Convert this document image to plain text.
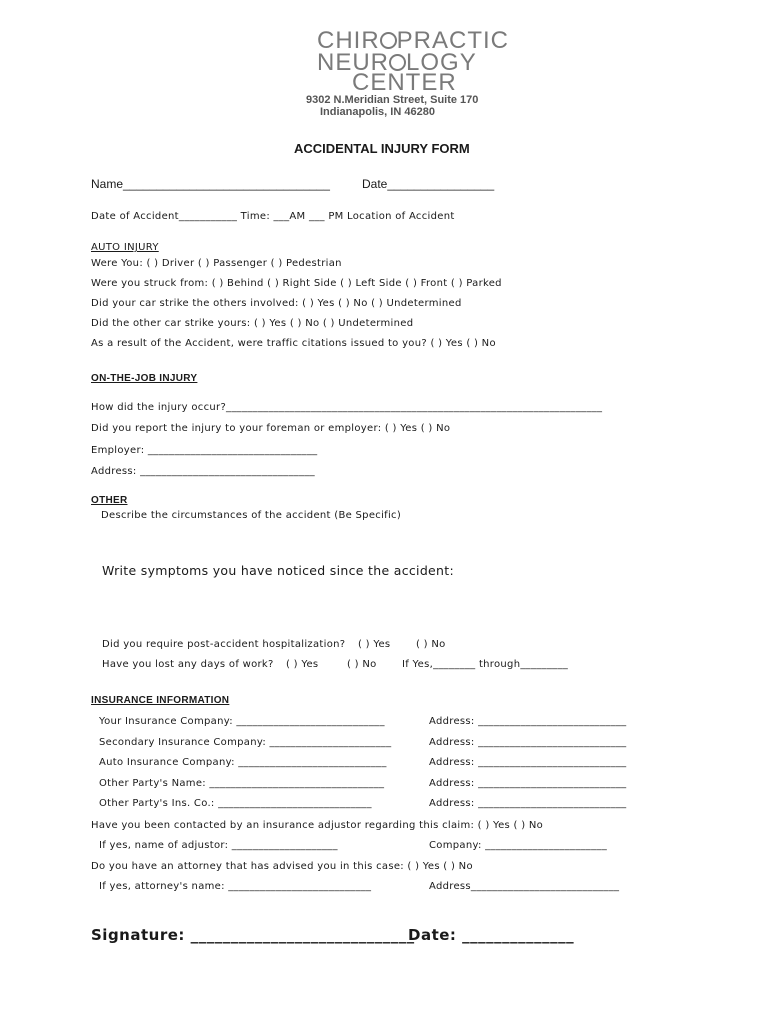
CHIR PRACTIC
NEUR LOGY
CENTER
9302 N.Meridian Street, Suite 170
Indianapolis, IN 46280
ACCIDENTAL INJURY FORM
Name_______________________________	Date________________
Date of Accident___________ Time: ___AM ___ PM Location of Accident
AUTO INJURY
Were You: ( ) Driver ( ) Passenger ( ) Pedestrian
Were you struck from: ( ) Behind ( ) Right Side ( ) Left Side ( ) Front ( ) Parked
Did your car strike the others involved: ( ) Yes ( ) No ( ) Undetermined
Did the other car strike yours: ( ) Yes ( ) No ( ) Undetermined
As a result of the Accident, were traffic citations issued to you? ( ) Yes ( ) No
ON-THE-JOB INJURY
How did the injury occur?_______________________________________________________________________
Did you report the injury to your foreman or employer: ( ) Yes ( ) No
Employer: ________________________________
Address: _________________________________
OTHER
Describe the circumstances of the accident (Be Specific)
Write symptoms you have noticed since the accident:
Did you require post-accident hospitalization? ( ) Yes	( ) No
Have you lost any days of work? ( ) Yes	( ) No	If Yes,________ through_________
INSURANCE INFORMATION
Your Insurance Company: ____________________________	Address: ____________________________
Secondary Insurance Company: _______________________	Address: ____________________________
Auto Insurance Company: ____________________________	Address: ____________________________
Other Party's Name: _________________________________	Address: ____________________________
Other Party's Ins. Co.: _____________________________	Address: ____________________________
Have you been contacted by an insurance adjustor regarding this claim: ( ) Yes ( ) No
If yes, name of adjustor: ____________________	Company: _______________________
Do you have an attorney that has advised you in this case: ( ) Yes ( ) No
If yes, attorney's name: ___________________________	Address____________________________
Signature: ____________________________
Date: ______________
